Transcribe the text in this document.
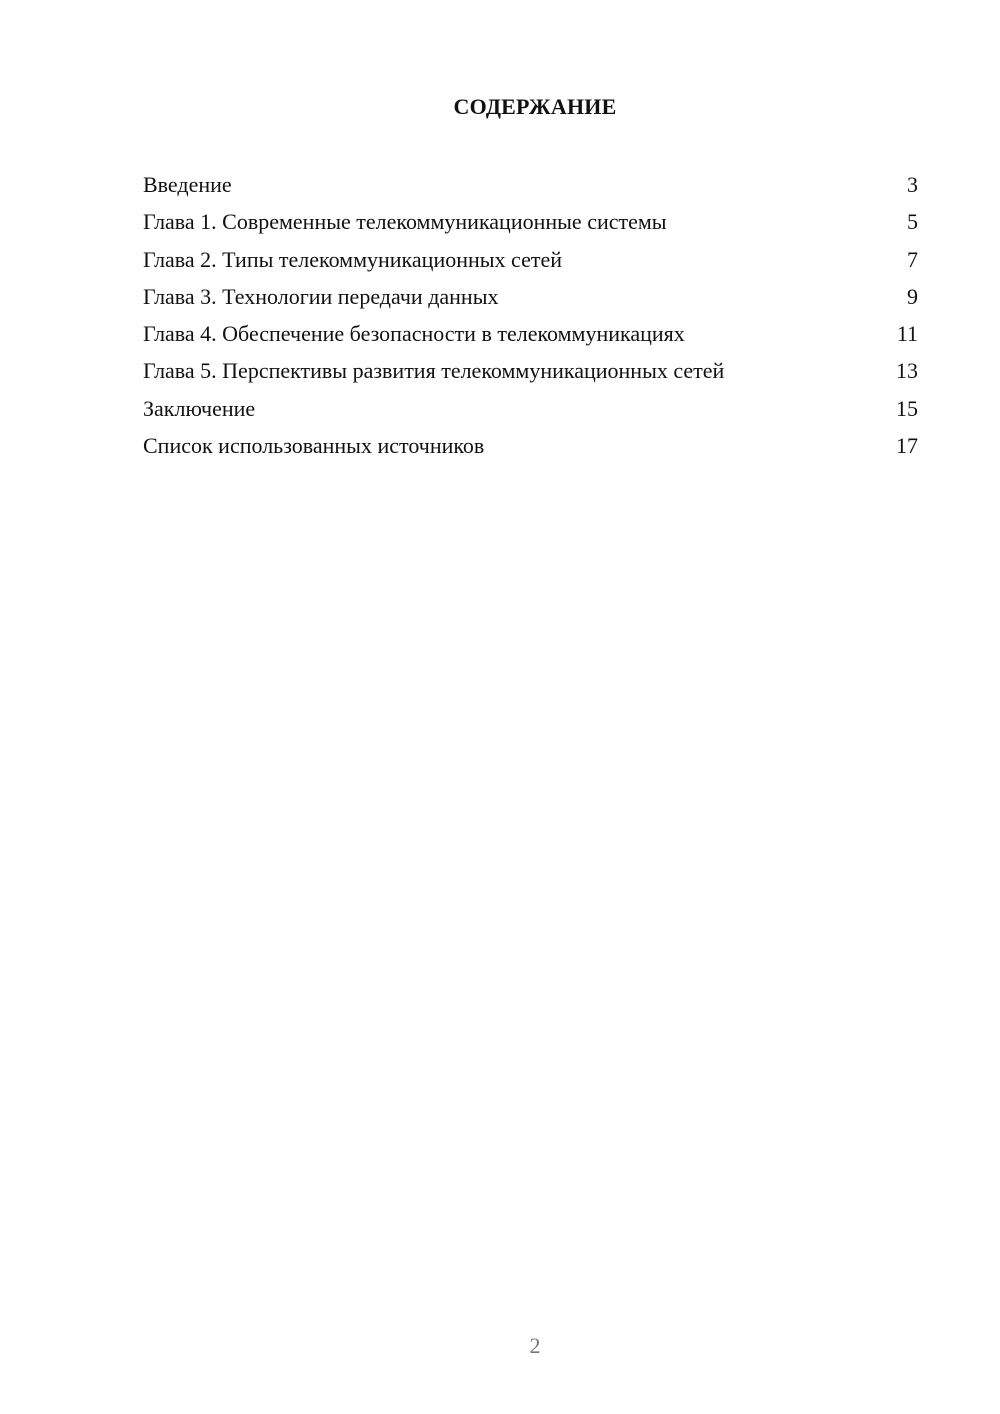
СОДЕРЖАНИЕ
Введение	3
Глава 1. Современные телекоммуникационные системы	5
Глава 2. Типы телекоммуникационных сетей	7
Глава 3. Технологии передачи данных	9
Глава 4. Обеспечение безопасности в телекоммуникациях	11
Глава 5. Перспективы развития телекоммуникационных сетей	13
Заключение	15
Список использованных источников	17
2
